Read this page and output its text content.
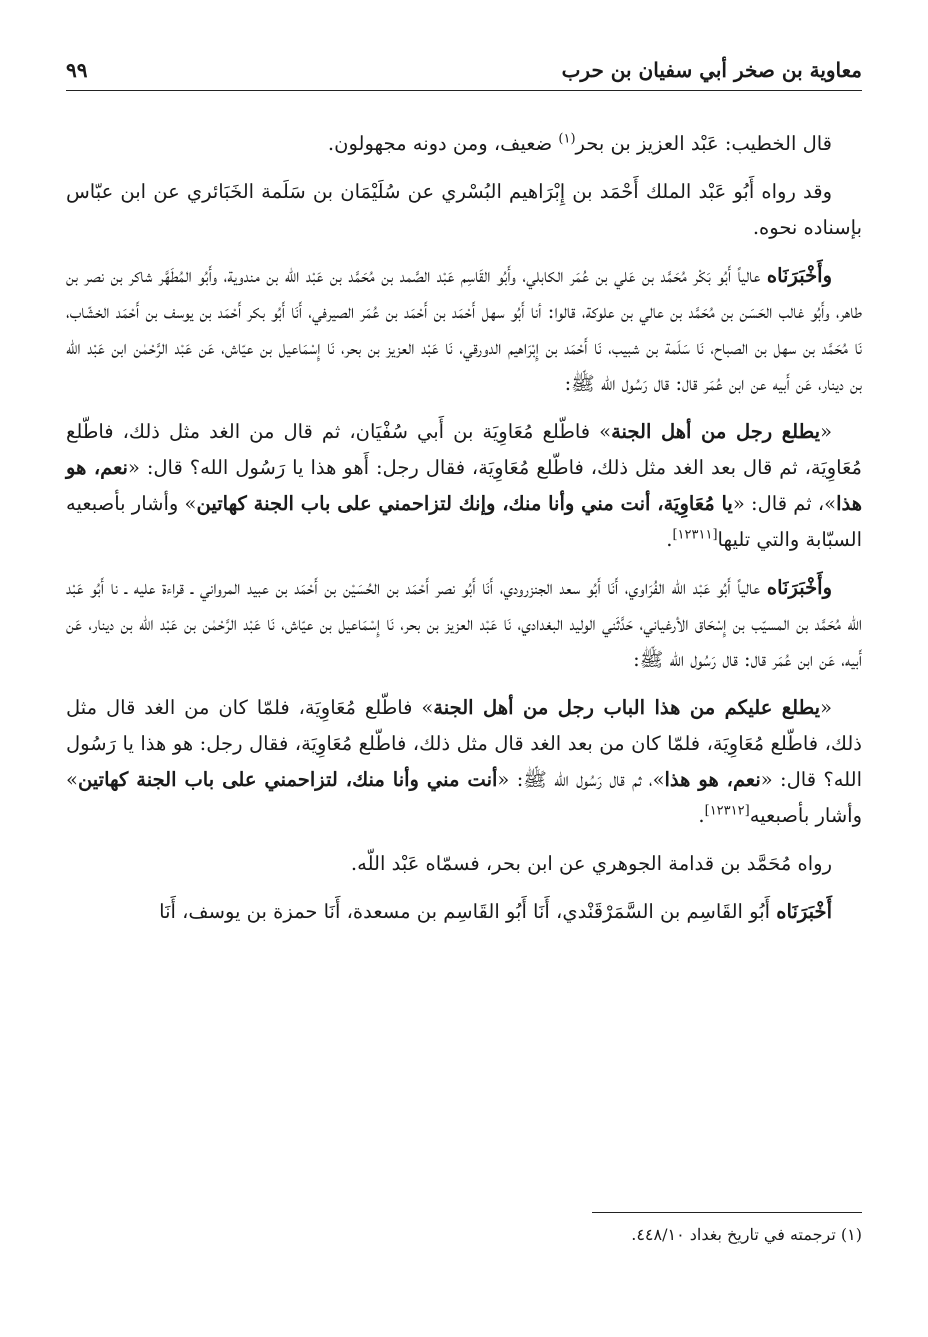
معاوية بن صخر أبي سفيان بن حرب
٩٩

قال الخطيب: عَبْد العزيز بن بحر$^{(١)}$ ضعيف، ومن دونه مجهولون.

وقد رواه أَبُو عَبْد الملك أَحْمَد بن إِبْرَاهيم البُسْري عن سُلَيْمَان بن سَلَمة الخَبَائري عن ابن عبّاس بإسناده نحوه.

وأَخْبَرَنَاه عالياً أَبُو بَكْر مُحَمَّد بن عَلي بن عُمَر الكابلي، وأَبُو القَاسِم عَبْد الصَّمد بن مُحَمَّد بن عَبْد اللّه بن مندوية، وأَبُو المُطَهَّر شاكر بن نصر بن طاهر، وأَبُو غالب الحَسَن بن مُحَمَّد بن عالي بن علوكة، قالوا: أنا أَبُو سهل أَحْمَد بن أَحْمَد بن عُمَر الصيرفي، أَنَا أَبُو بكر أَحْمَد بن يوسف بن أَحْمَد الخشّاب، نَا مُحَمَّد بن سهل بن الصباح، نَا سَلَمة بن شبيب، نَا أَحْمَد بن إِبْرَاهيم الدورقي، نَا عَبْد العزيز بن بحر، نَا إِسْمَاعيل بن عيّاش، عَن عَبْد الرَّحْمٰن ابن عَبْد اللّه بن دينار، عَن أَبيه عن ابن عُمَر قال: قال رَسُول الله ﷺ:

«يطلع رجل من أهل الجنة» فاطّلع مُعَاوِيَة بن أَبي سُفْيَان، ثم قال من الغد مثل ذلك، فاطّلع مُعَاوِيَة، ثم قال بعد الغد مثل ذلك، فاطّلع مُعَاوِيَة، فقال رجل: أَهو هذا يا رَسُول الله؟ قال: «نعم، هو هذا»، ثم قال: «يا مُعَاوِيَة، أنت مني وأنا منك، وإنك لتزاحمني على باب الجنة كهاتين» وأشار بأصبعيه السبّابة والتي تليها[١٢٣١١].

وأَخْبَرَنَاه عالياً أَبُو عَبْد اللّه الفُرَاوي، أَنَا أَبُو سعد الجنزرودي، أَنَا أَبُو نصر أَحْمَد بن الحُسَيْن بن أَحْمَد بن عبيد المرواني ـ قراءة عليه ـ نا أَبُو عَبْد اللّه مُحَمَّد بن المسيّب بن إِسْحَاق الأرغياني، حَدَّثَني الوليد البغدادي، نَا عَبْد العزيز بن بحر، نَا إِسْمَاعيل بن عيّاش، نَا عَبْد الرَّحْمٰن بن عَبْد اللّه بن دينار، عَن أَبيه، عَن ابن عُمَر قال: قال رَسُول الله ﷺ:

«يطلع عليكم من هذا الباب رجل من أهل الجنة» فاطّلع مُعَاوِيَة، فلمّا كان من الغد قال مثل ذلك، فاطّلع مُعَاوِيَة، فلمّا كان من بعد الغد قال مثل ذلك، فاطّلع مُعَاوِيَة، فقال رجل: هو هذا يا رَسُول الله؟ قال: «نعم، هو هذا»، ثم قال رَسُول الله ﷺ: «أنت مني وأنا منك، لتزاحمني على باب الجنة كهاتين» وأشار بأصبعيه[١٢٣١٢].

رواه مُحَمَّد بن قدامة الجوهري عن ابن بحر، فسمّاه عَبْد اللّه.

أَخْبَرَنَاه أَبُو القَاسِم بن السَّمَرْقَنْدي، أَنَا أَبُو القَاسِم بن مسعدة، أَنَا حمزة بن يوسف، أَنَا

(١) ترجمته في تاريخ بغداد ٤٤٨/١٠.
